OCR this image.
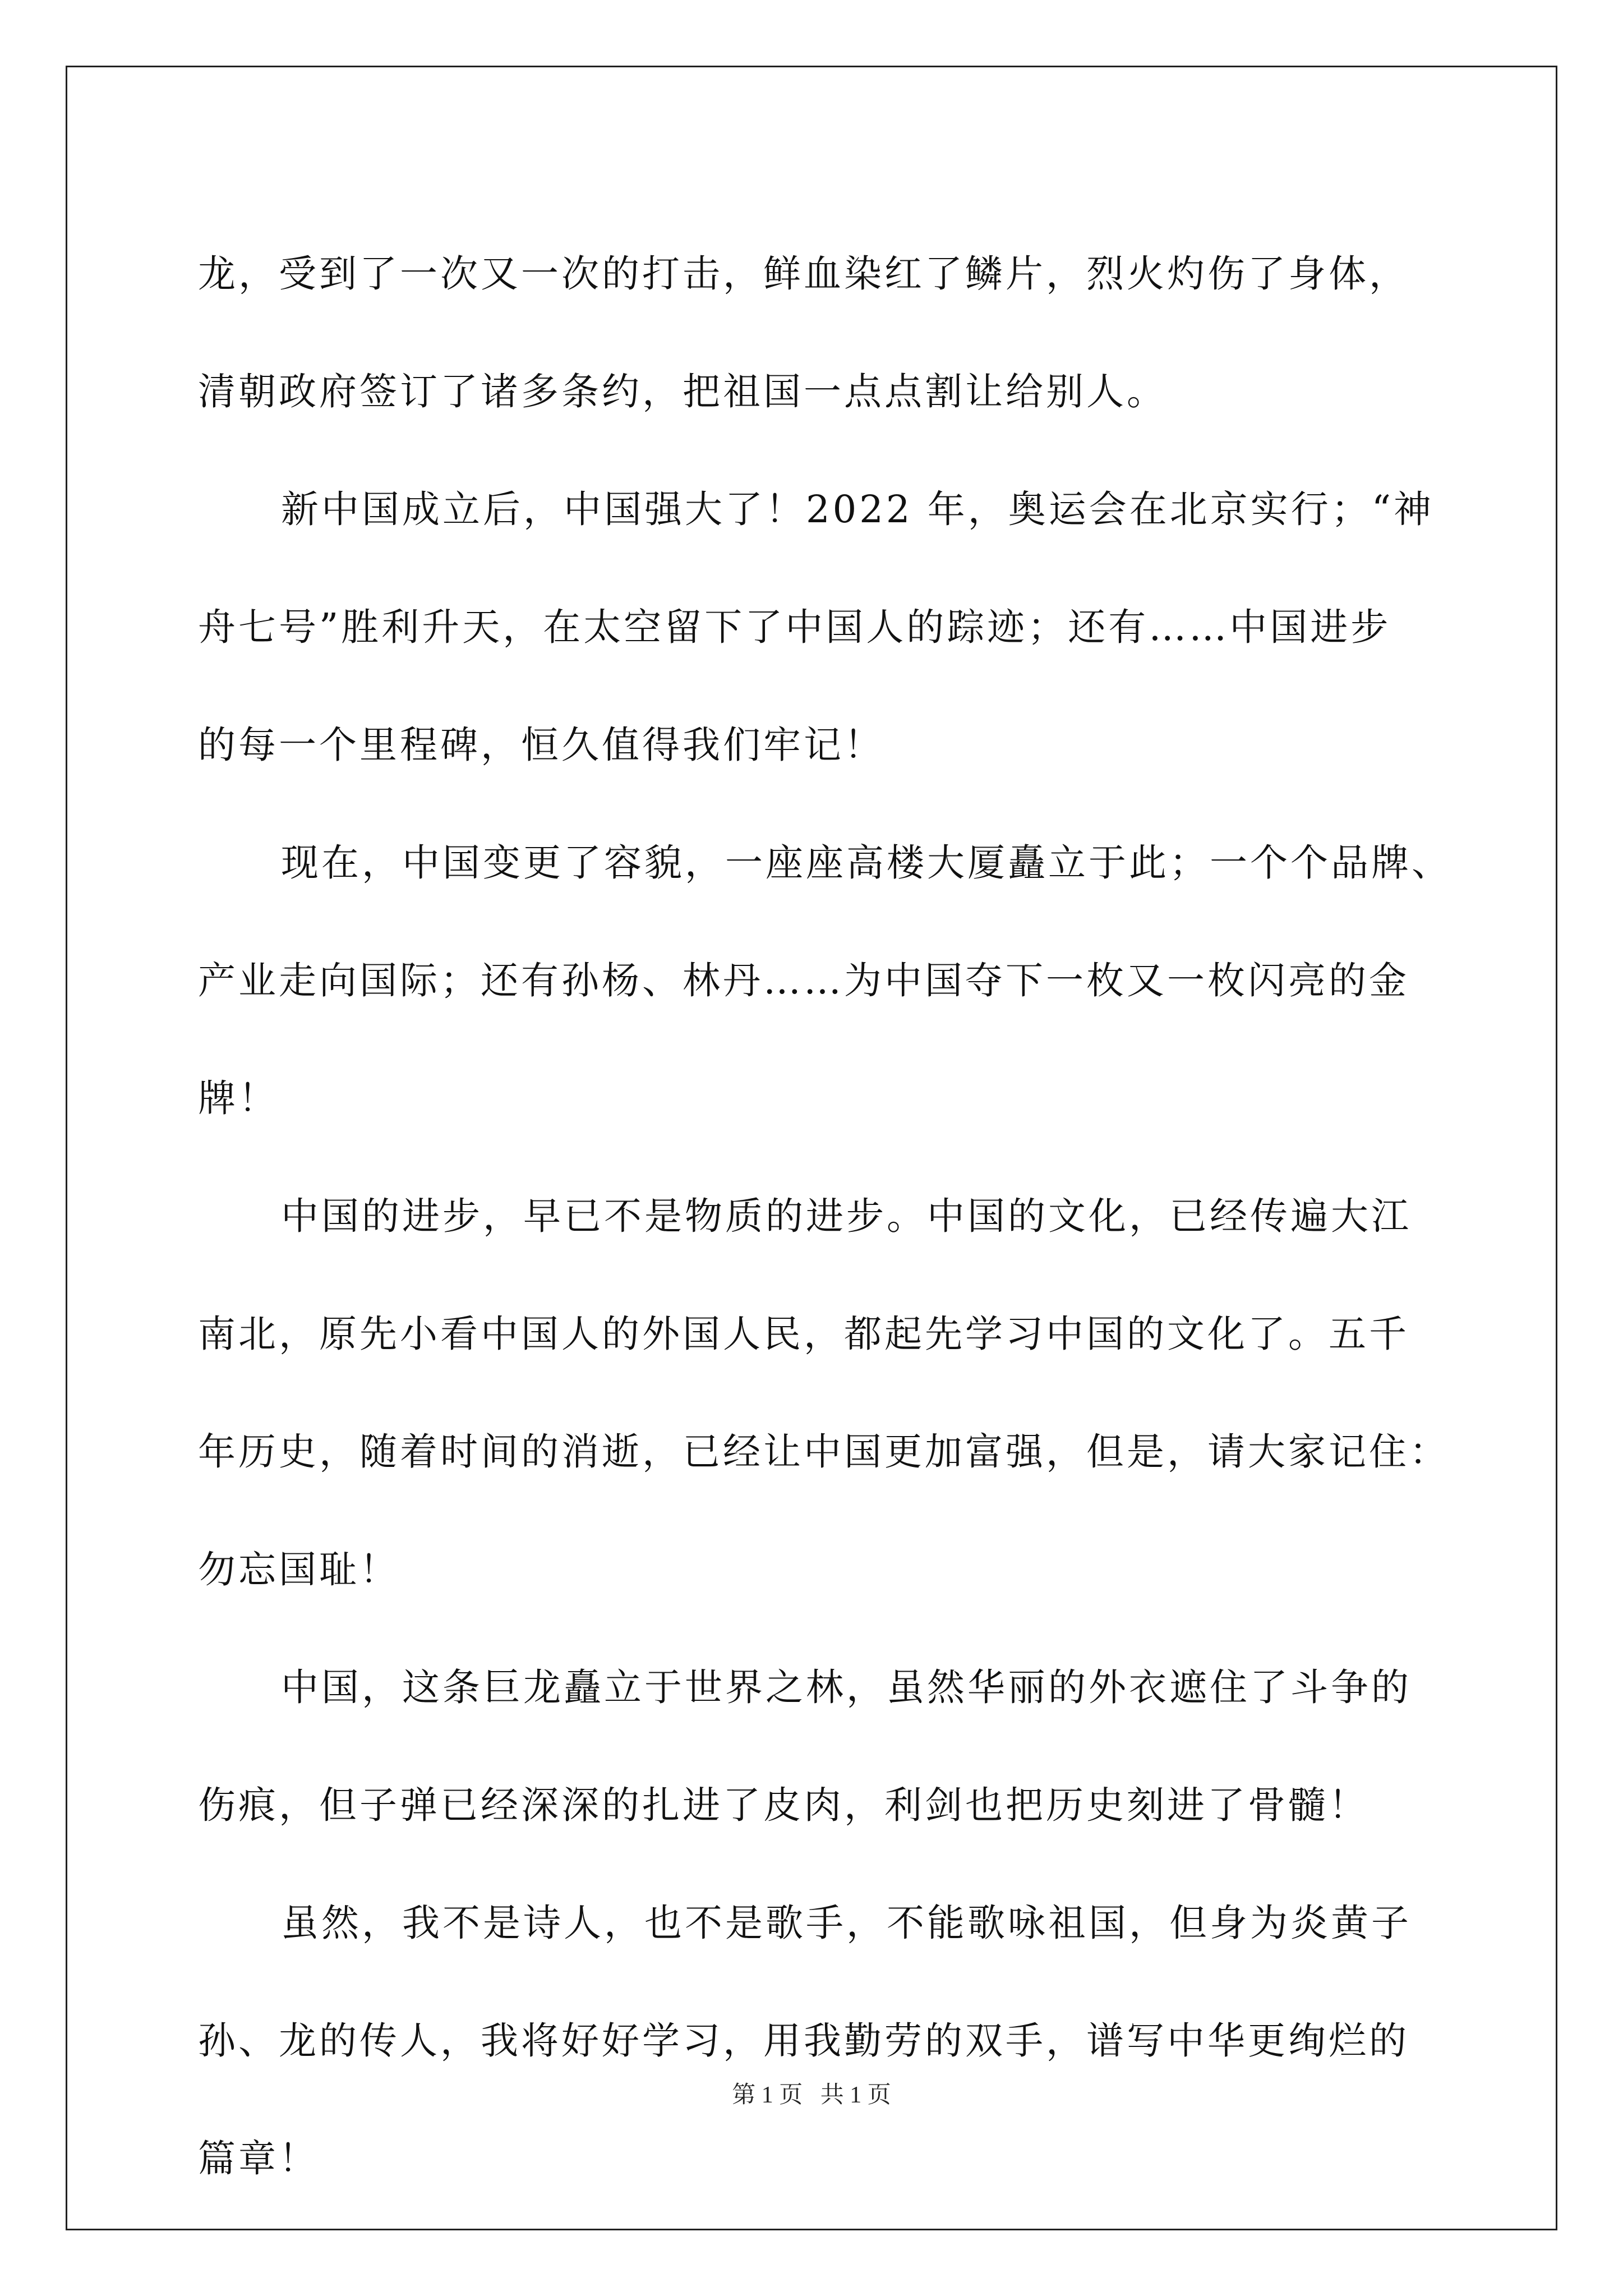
龙，受到了一次又一次的打击，鲜血染红了鳞片，烈火灼伤了身体，
清朝政府签订了诸多条约，把祖国一点点割让给别人。
新中国成立后，中国强大了！2022 年，奥运会在北京实行；“神
舟七号”胜利升天，在太空留下了中国人的踪迹；还有……中国进步
的每一个里程碑，恒久值得我们牢记！
现在，中国变更了容貌，一座座高楼大厦矗立于此；一个个品牌、
产业走向国际；还有孙杨、林丹……为中国夺下一枚又一枚闪亮的金
牌！
中国的进步，早已不是物质的进步。中国的文化，已经传遍大江
南北，原先小看中国人的外国人民，都起先学习中国的文化了。五千
年历史，随着时间的消逝，已经让中国更加富强，但是，请大家记住：
勿忘国耻！
中国，这条巨龙矗立于世界之林，虽然华丽的外衣遮住了斗争的
伤痕，但子弹已经深深的扎进了皮肉，利剑也把历史刻进了骨髓！
虽然，我不是诗人，也不是歌手，不能歌咏祖国，但身为炎黄子
孙、龙的传人，我将好好学习，用我勤劳的双手，谱写中华更绚烂的
篇章！
第 1 页 共 1 页
